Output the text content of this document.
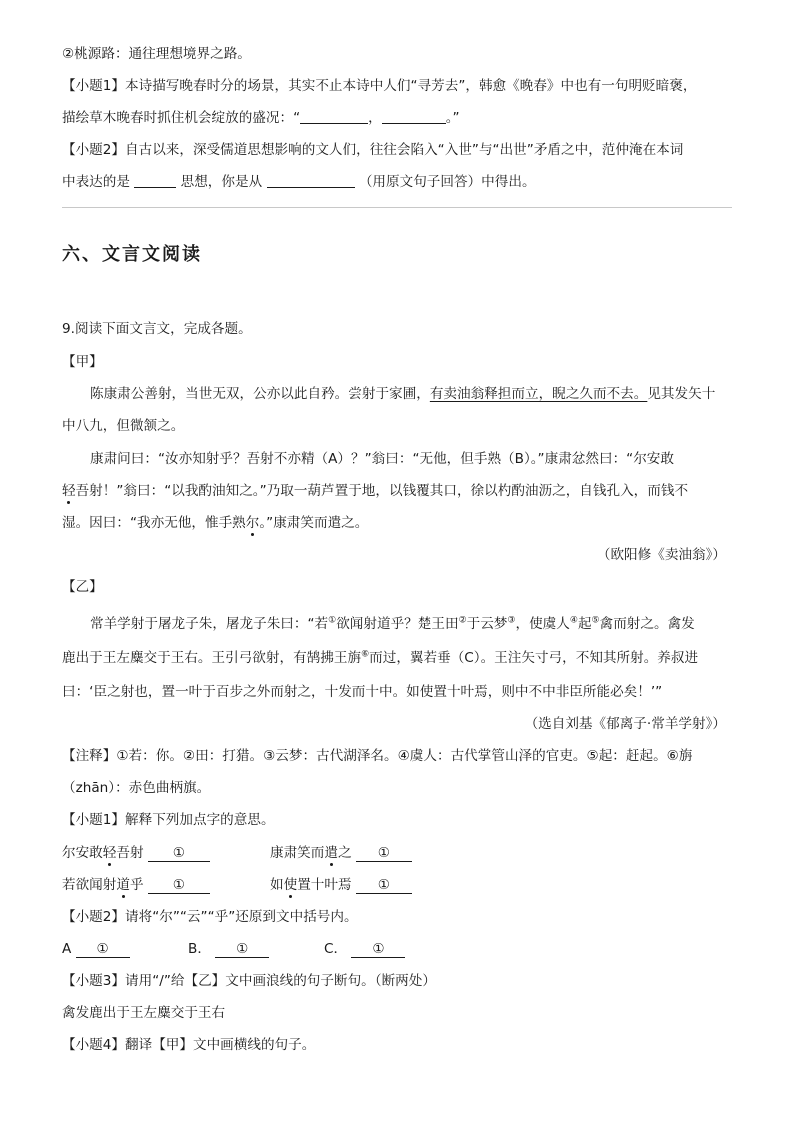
②桃源路：通往理想境界之路。
【小题1】本诗描写晚春时分的场景，其实不止本诗中人们“寻芳去”，韩愈《晚春》中也有一句明贬暗褒，
描绘草木晚春时抓住机会绽放的盛况：“	，	。”
【小题2】自古以来，深受儒道思想影响的文人们，往往会陷入“入世”与“出世”矛盾之中，范仲淹在本词
中表达的是	思想，你是从	（用原文句子回答）中得出。
六、文言文阅读
9.阅读下面文言文，完成各题。
【甲】
陈康肃公善射，当世无双，公亦以此自矜。尝射于家圃，有卖油翁释担而立，睨之久而不去。见其发矢十
中八九，但微颔之。
康肃问曰：“汝亦知射乎？吾射不亦精（A）？”翁曰：“无他，但手熟（B）。”康肃忿然曰：“尔安敢
轻吾射！”翁曰：“以我酌油知之。”乃取一葫芦置于地，以钱覆其口，徐以杓酌油沥之，自钱孔入，而钱不
湿。因曰：“我亦无他，惟手熟尔。”康肃笑而遣之。
（欧阳修《卖油翁》）
【乙】
常羊学射于屠龙子朱，屠龙子朱曰：“若①欲闻射道乎？楚王田②于云梦③，使虞人④起⑤禽而射之。禽发
鹿出于王左麋交于王右。王引弓欲射，有鹄拂王旃⑥而过，翼若垂（C）。王注矢寸弓，不知其所射。养叔进
曰：‘臣之射也，置一叶于百步之外而射之，十发而十中。如使置十叶焉，则中不中非臣所能必矣！’”
（选自刘基《郁离子·常羊学射》）
【注释】①若：你。②田：打猎。③云梦：古代湖泽名。④虞人：古代掌管山泽的官吏。⑤起：赶起。⑥旃
（zhān）：赤色曲柄旗。
【小题1】解释下列加点字的意思。
尔安敢轻吾射 ①	康肃笑而遣之 ①
若欲闻射道乎 ①	如使置十叶焉 ①
【小题2】请将“尔”“云”“乎”还原到文中括号内。
A ①	B． ①	C． ①
【小题3】请用“/”给【乙】文中画浪线的句子断句。（断两处）
禽发鹿出于王左麋交于王右
【小题4】翻译【甲】文中画横线的句子。
